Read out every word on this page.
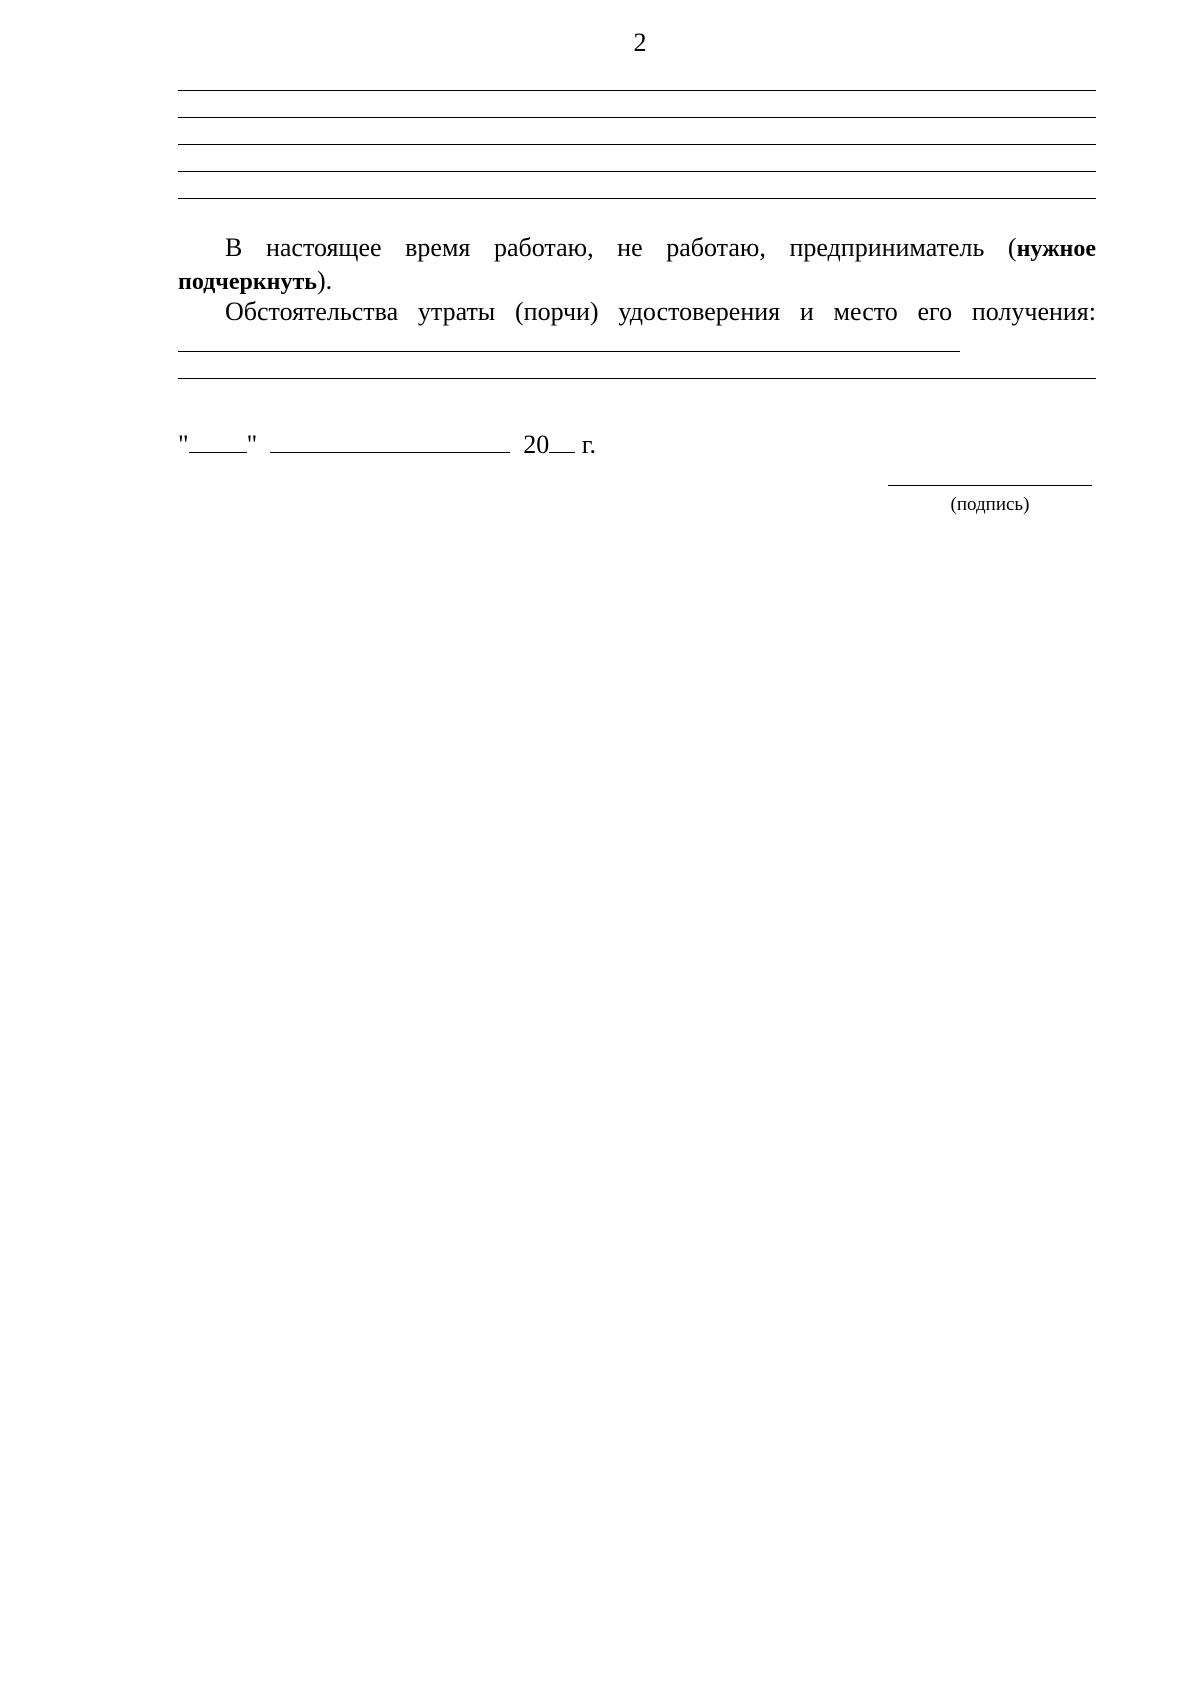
2
В настоящее время работаю, не работаю, предприниматель (нужное подчеркнуть).
Обстоятельства утраты (порчи) удостоверения и место его получения:
" "	20 г.
(подпись)
